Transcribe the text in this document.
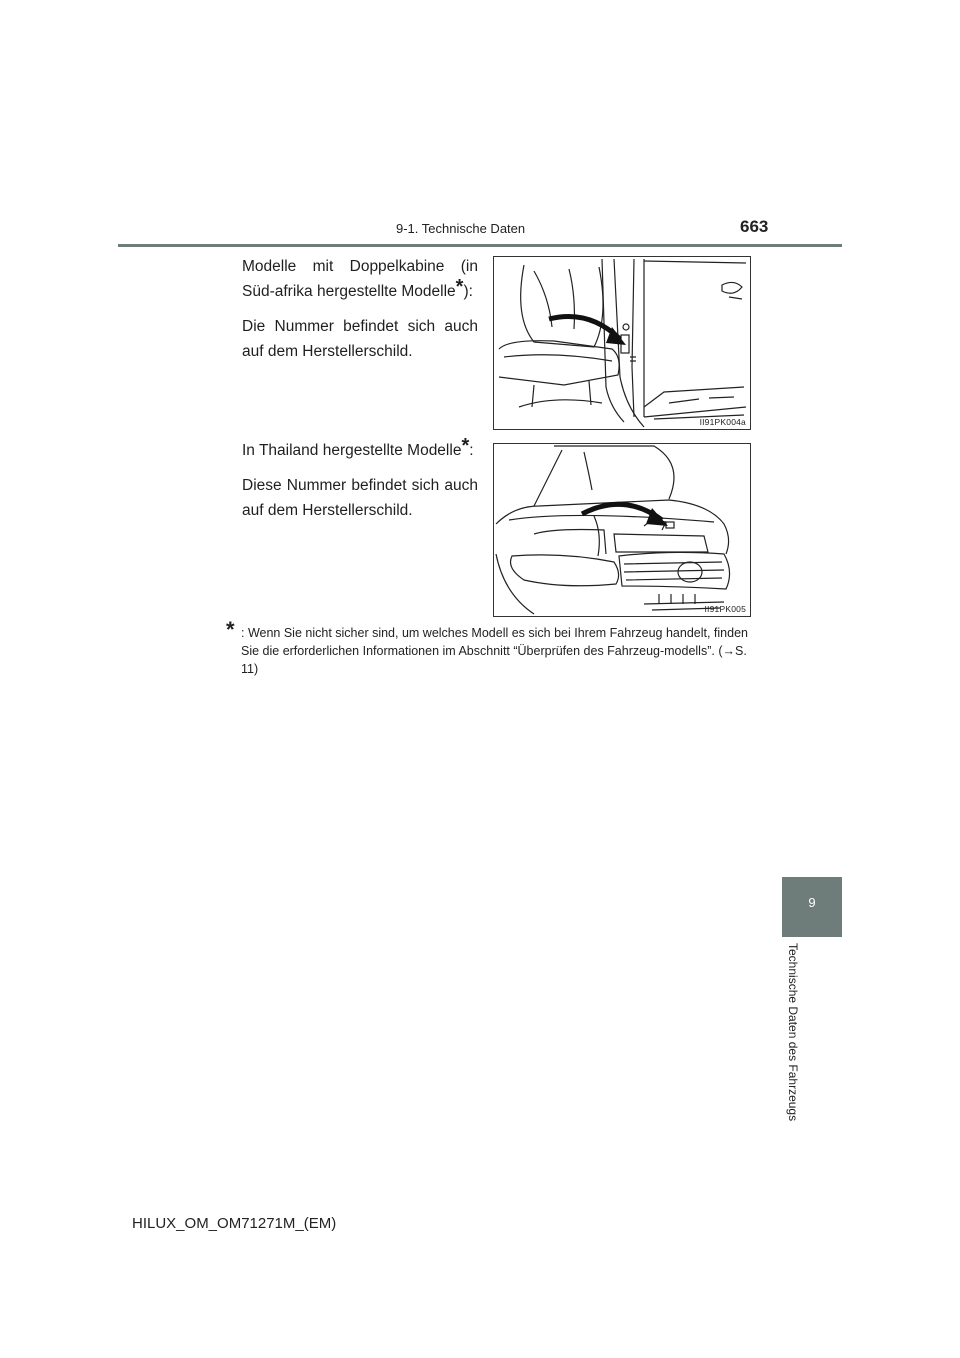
9-1. Technische Daten	663

Modelle mit Doppelkabine (in Süd-afrika hergestellte Modelle*):

Die Nummer befindet sich auch auf dem Herstellerschild.

II91PK004a

In Thailand hergestellte Modelle*:

Diese Nummer befindet sich auch auf dem Herstellerschild.

II91PK005
* : Wenn Sie nicht sicher sind, um welches Modell es sich bei Ihrem Fahrzeug handelt, finden Sie die erforderlichen Informationen im Abschnitt “Überprüfen des Fahrzeug-modells”. (→S. 11)
9
Technische Daten des Fahrzeugs
HILUX_OM_OM71271M_(EM)
